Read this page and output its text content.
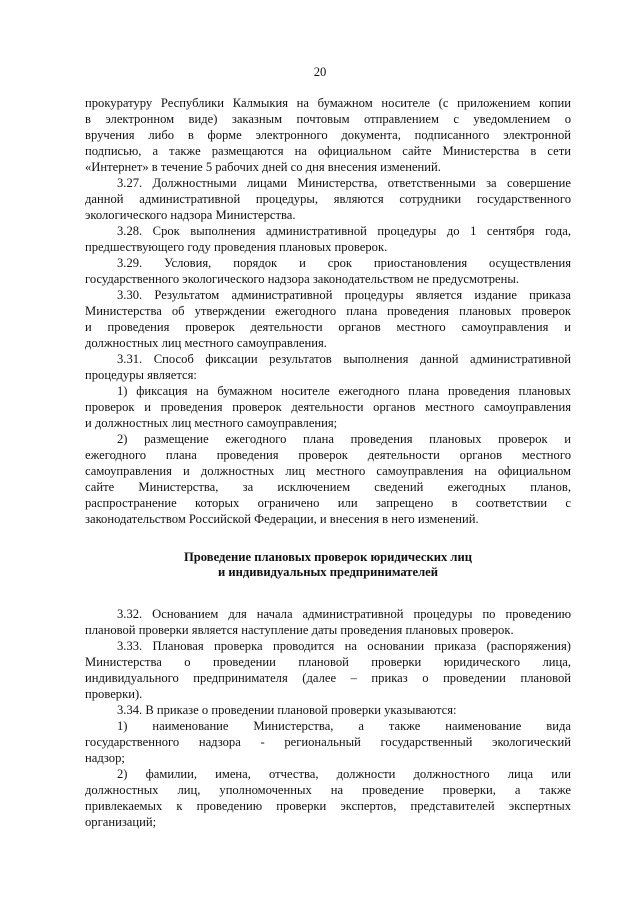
20
прокуратуру Республики Калмыкия на бумажном носителе (с приложением копии
в электронном виде) заказным почтовым отправлением с уведомлением о
вручения либо в форме электронного документа, подписанного электронной
подписью, а также размещаются на официальном сайте Министерства в сети
«Интернет» в течение 5 рабочих дней со дня внесения изменений.
3.27. Должностными лицами Министерства, ответственными за совершение
данной административной процедуры, являются сотрудники государственного
экологического надзора Министерства.
3.28. Срок выполнения административной процедуры до 1 сентября года,
предшествующего году проведения плановых проверок.
3.29. Условия, порядок и срок приостановления осуществления
государственного экологического надзора законодательством не предусмотрены.
3.30. Результатом административной процедуры является издание приказа
Министерства об утверждении ежегодного плана проведения плановых проверок
и проведения проверок деятельности органов местного самоуправления и
должностных лиц местного самоуправления.
3.31. Способ фиксации результатов выполнения данной административной
процедуры является:
1) фиксация на бумажном носителе ежегодного плана проведения плановых
проверок и проведения проверок деятельности органов местного самоуправления
и должностных лиц местного самоуправления;
2) размещение ежегодного плана проведения плановых проверок и
ежегодного плана проведения проверок деятельности органов местного
самоуправления и должностных лиц местного самоуправления на официальном
сайте Министерства, за исключением сведений ежегодных планов,
распространение которых ограничено или запрещено в соответствии с
законодательством Российской Федерации, и внесения в него изменений.
Проведение плановых проверок юридических лиц
и индивидуальных предпринимателей
3.32. Основанием для начала административной процедуры по проведению
плановой проверки является наступление даты проведения плановых проверок.
3.33. Плановая проверка проводится на основании приказа (распоряжения)
Министерства о проведении плановой проверки юридического лица,
индивидуального предпринимателя (далее – приказ о проведении плановой
проверки).
3.34. В приказе о проведении плановой проверки указываются:
1) наименование Министерства, а также наименование вида
государственного надзора - региональный государственный экологический
надзор;
2) фамилии, имена, отчества, должности должностного лица или
должностных лиц, уполномоченных на проведение проверки, а также
привлекаемых к проведению проверки экспертов, представителей экспертных
организаций;
